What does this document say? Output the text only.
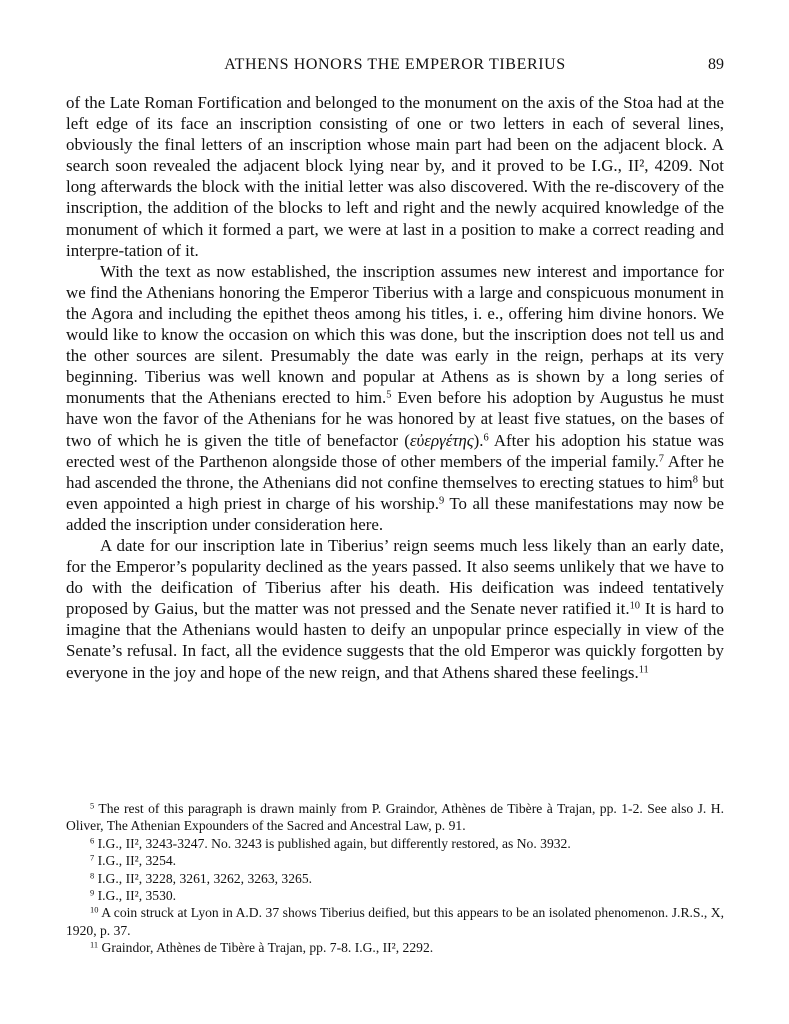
ATHENS HONORS THE EMPEROR TIBERIUS	89

of the Late Roman Fortification and belonged to the monument on the axis of the Stoa had at the left edge of its face an inscription consisting of one or two letters in each of several lines, obviously the final letters of an inscription whose main part had been on the adjacent block. A search soon revealed the adjacent block lying near by, and it proved to be I.G., II², 4209. Not long afterwards the block with the initial letter was also discovered. With the re-discovery of the inscription, the addition of the blocks to left and right and the newly acquired knowledge of the monument of which it formed a part, we were at last in a position to make a correct reading and interpre-tation of it.

With the text as now established, the inscription assumes new interest and importance for we find the Athenians honoring the Emperor Tiberius with a large and conspicuous monument in the Agora and including the epithet theos among his titles, i. e., offering him divine honors. We would like to know the occasion on which this was done, but the inscription does not tell us and the other sources are silent. Presumably the date was early in the reign, perhaps at its very beginning. Tiberius was well known and popular at Athens as is shown by a long series of monuments that the Athenians erected to him.$^5$ Even before his adoption by Augustus he must have won the favor of the Athenians for he was honored by at least five statues, on the bases of two of which he is given the title of benefactor (εὐεργέτης).$^6$ After his adoption his statue was erected west of the Parthenon alongside those of other members of the imperial family.$^7$ After he had ascended the throne, the Athenians did not confine themselves to erecting statues to him$^8$ but even appointed a high priest in charge of his worship.$^9$ To all these manifestations may now be added the inscription under consideration here.

A date for our inscription late in Tiberius’ reign seems much less likely than an early date, for the Emperor’s popularity declined as the years passed. It also seems unlikely that we have to do with the deification of Tiberius after his death. His deification was indeed tentatively proposed by Gaius, but the matter was not pressed and the Senate never ratified it.$^{10}$ It is hard to imagine that the Athenians would hasten to deify an unpopular prince especially in view of the Senate’s refusal. In fact, all the evidence suggests that the old Emperor was quickly forgotten by everyone in the joy and hope of the new reign, and that Athens shared these feelings.$^{11}$

$^5$ The rest of this paragraph is drawn mainly from P. Graindor, Athènes de Tibère à Trajan, pp. 1-2. See also J. H. Oliver, The Athenian Expounders of the Sacred and Ancestral Law, p. 91.

$^6$ I.G., II², 3243-3247. No. 3243 is published again, but differently restored, as No. 3932.

$^7$ I.G., II², 3254.

$^8$ I.G., II², 3228, 3261, 3262, 3263, 3265.

$^9$ I.G., II², 3530.

$^{10}$ A coin struck at Lyon in A.D. 37 shows Tiberius deified, but this appears to be an isolated phenomenon. J.R.S., X, 1920, p. 37.

$^{11}$ Graindor, Athènes de Tibère à Trajan, pp. 7-8. I.G., II², 2292.
